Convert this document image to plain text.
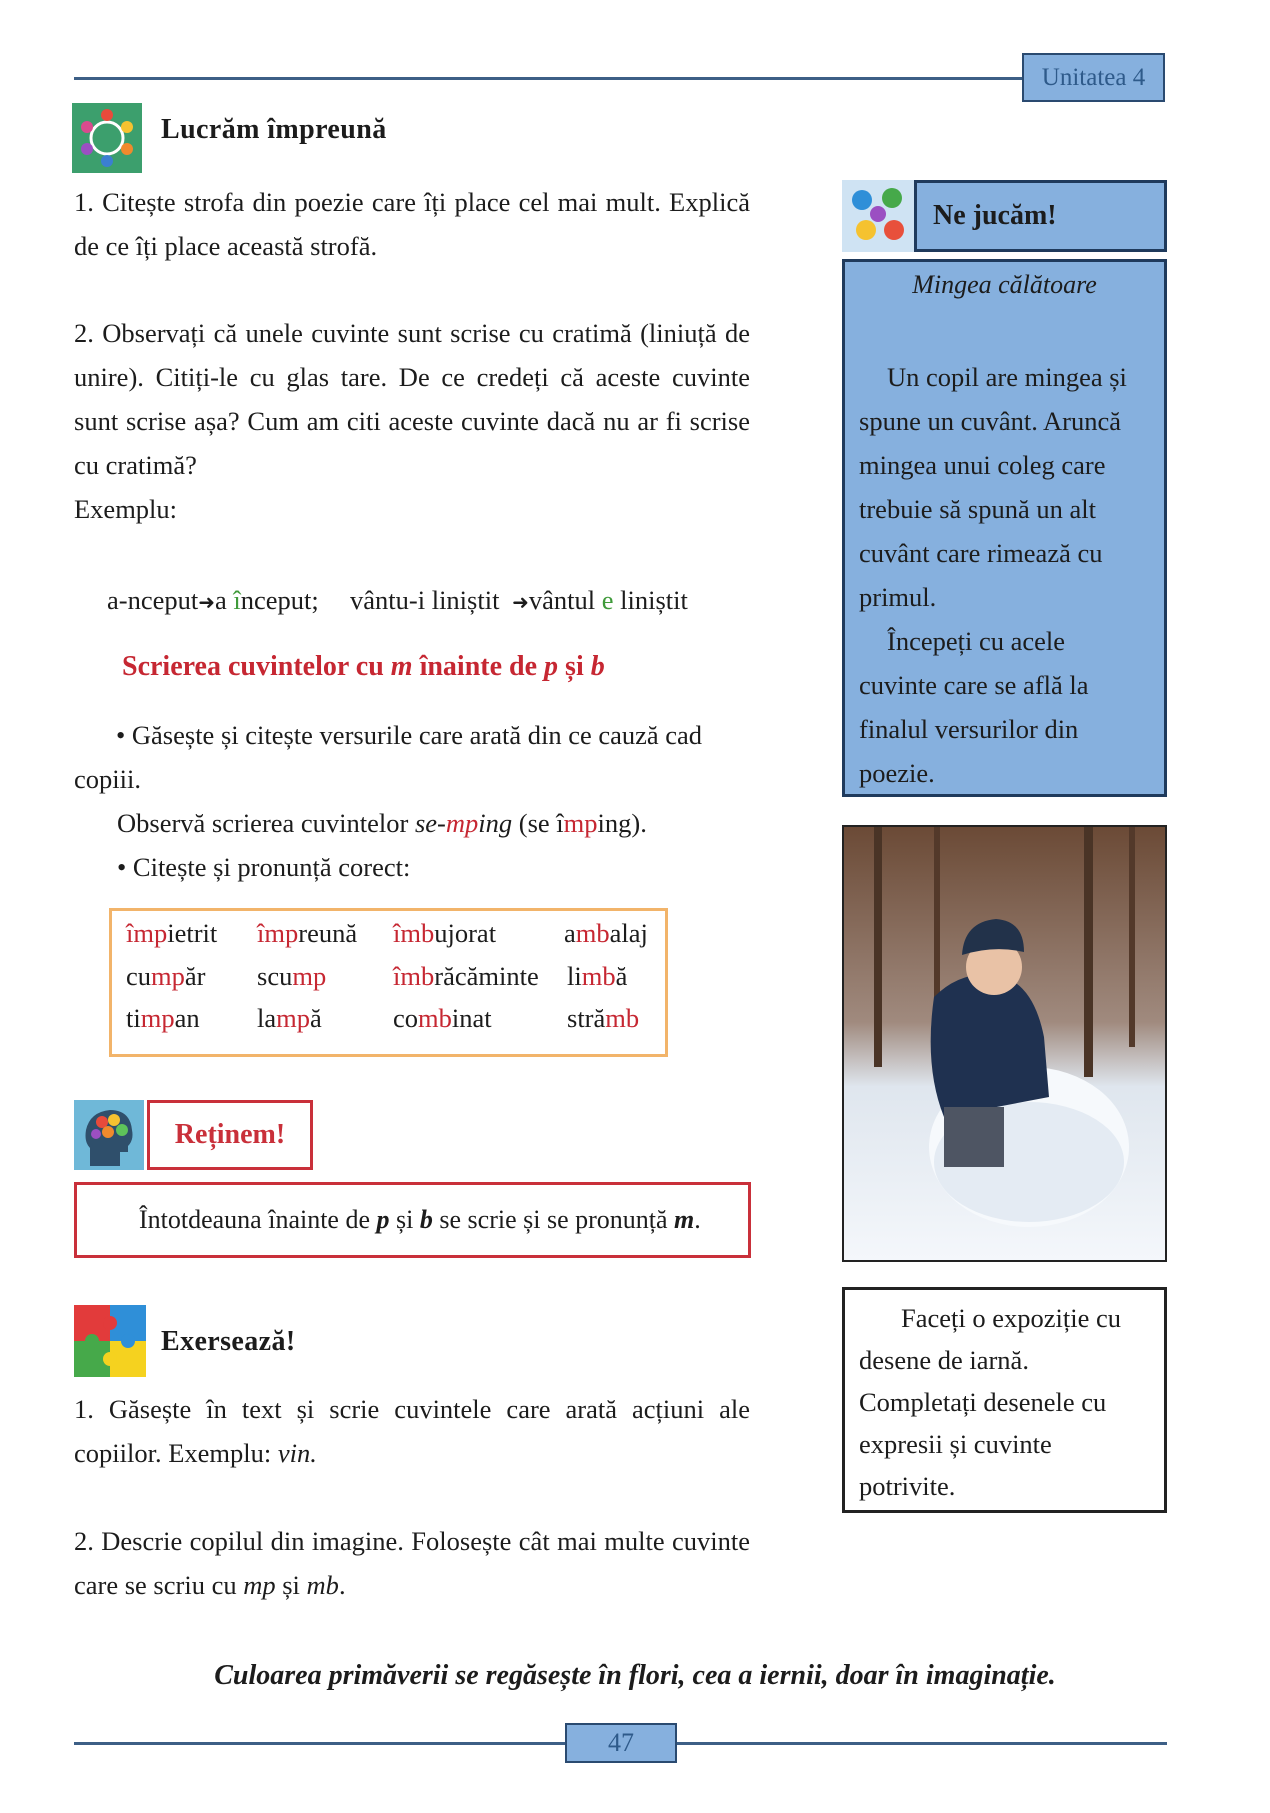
Unitatea 4
Lucrăm împreună
1. Citește strofa din poezie care îți place cel mai mult. Explică de ce îți place această strofă.
2. Observați că unele cuvinte sunt scrise cu cratimă (liniuță de unire). Citiți-le cu glas tare. De ce credeți că aceste cuvinte sunt scrise așa? Cum am citi aceste cuvinte dacă nu ar fi scrise cu cratimă?
Exemplu:
a-nceput➜a început; vântu-i liniștit ➜vântul e liniștit
Scrierea cuvintelor cu m înainte de p și b
• Găsește și citește versurile care arată din ce cauză cad copiii.
Observă scrierea cuvintelor se-mping (se împing).
• Citește și pronunță corect:
împietrit împreună îmbujorat	ambalaj
cumpăr scump	îmbrăcăminte limbă
timpan lampă	combinat	strămb
Reținem!
Întotdeauna înainte de p și b se scrie și se pronunță m.
Exersează!
1. Găsește în text și scrie cuvintele care arată acțiuni ale copiilor. Exemplu: vin.
2. Descrie copilul din imagine. Folosește cât mai multe cuvinte care se scriu cu mp și mb.
Ne jucăm!
Mingea călătoare
Un copil are mingea și spune un cuvânt. Aruncă mingea unui coleg care trebuie să spună un alt cuvânt care rimează cu primul.
Începeți cu acele cuvinte care se află la finalul versurilor din poezie.
Faceți o expoziție cu desene de iarnă. Completați desenele cu expresii și cuvinte potrivite.
Culoarea primăverii se regăsește în flori, cea a iernii, doar în imaginație.
47
